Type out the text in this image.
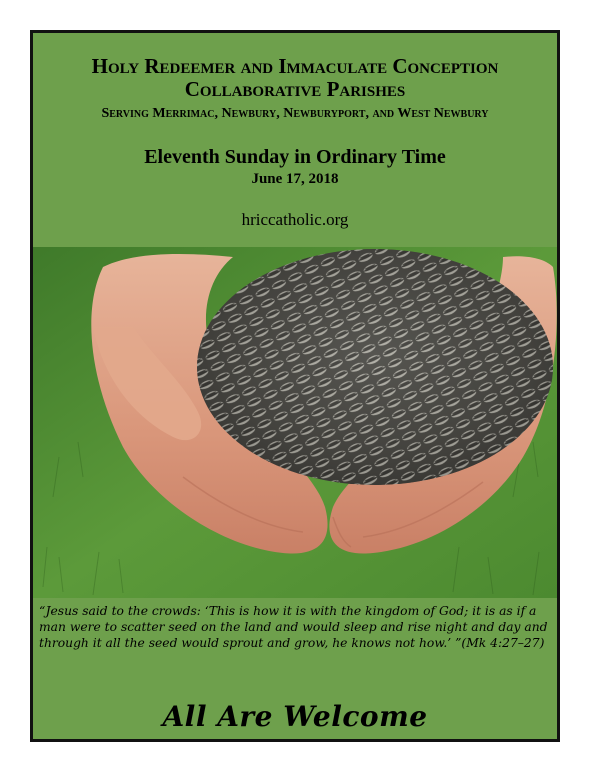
Holy Redeemer and Immaculate Conception
Collaborative Parishes
Serving Merrimac, Newbury, Newburyport, and West Newbury
Eleventh Sunday in Ordinary Time
June 17, 2018
hriccatholic.org

“Jesus said to the crowds: ‘This is how it is with the kingdom of God; it is as if a man were to scatter seed on the land and would sleep and rise night and day and through it all the seed would sprout and grow, he knows not how.’ ”(Mk 4:27–27)

All Are Welcome
